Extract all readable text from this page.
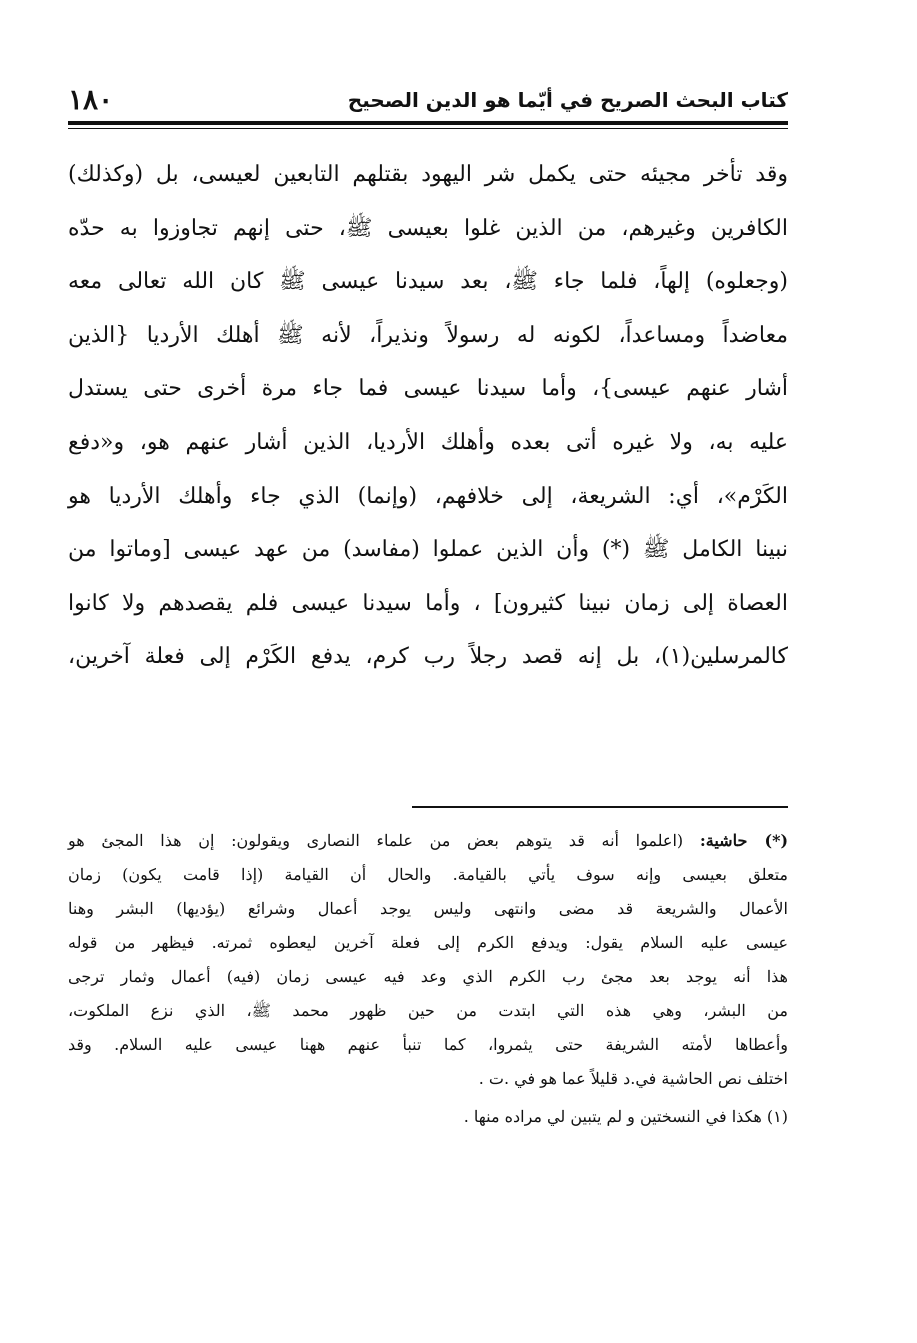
١٨٠	كتاب البحث الصريح في أيّما هو الدين الصحيح
وقد تأخر مجيئه حتى يكمل شر اليهود بقتلهم التابعين لعيسى، بل (وكذلك)
الكافرين وغيرهم، من الذين غلوا بعيسى ﷺ، حتى إنهم تجاوزوا به حدّه
(وجعلوه) إلهاً، فلما جاء ﷺ، بعد سيدنا عيسى ﷺ كان الله تعالى معه
معاضداً ومساعداً، لكونه له رسولاً ونذيراً، لأنه ﷺ أهلك الأرديا {الذين
أشار عنهم عيسى}، وأما سيدنا عيسى فما جاء مرة أخرى حتى يستدل
عليه به، ولا غيره أتى بعده وأهلك الأرديا، الذين أشار عنهم هو، و«دفع
الكَرْم»، أي: الشريعة، إلى خلافهم، (وإنما) الذي جاء وأهلك الأرديا هو
نبينا الكامل ﷺ (*) وأن الذين عملوا (مفاسد) من عهد عيسى [وماتوا من
العصاة إلى زمان نبينا كثيرون] ، وأما سيدنا عيسى فلم يقصدهم ولا كانوا
كالمرسلين(١)، بل إنه قصد رجلاً رب كرم، يدفع الكَرْم إلى فعلة آخرين،
(*) حاشية: (اعلموا أنه قد يتوهم بعض من علماء النصارى ويقولون: إن هذا المجئ هو
متعلق بعيسى وإنه سوف يأتي بالقيامة. والحال أن القيامة (إذا قامت يكون) زمان
الأعمال والشريعة قد مضى وانتهى وليس يوجد أعمال وشرائع (يؤديها) البشر وهنا
عيسى عليه السلام يقول: ويدفع الكرم إلى فعلة آخرين ليعطوه ثمرته. فيظهر من قوله
هذا أنه يوجد بعد مجئ رب الكرم الذي وعد فيه عيسى زمان (فيه) أعمال وثمار ترجى
من البشر، وهي هذه التي ابتدت من حين ظهور محمد ﷺ، الذي نزع الملكوت،
وأعطاها لأمته الشريفة حتى يثمروا، كما تنبأ عنهم ههنا عيسى عليه السلام. وقد
اختلف نص الحاشية في.د قليلاً عما هو في .ت .
(١) هكذا في النسختين و لم يتبين لي مراده منها .
